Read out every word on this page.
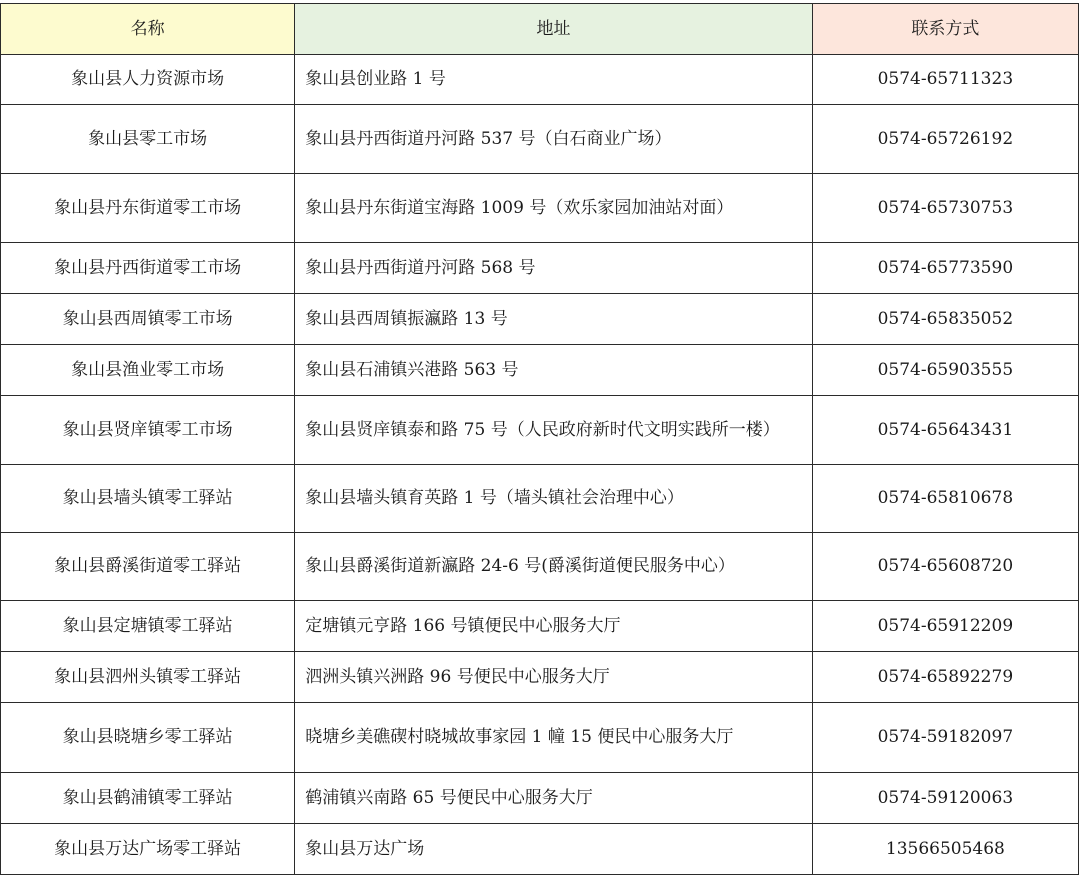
名称	地址	联系方式
象山县人力资源市场	象山县创业路 1 号	0574-65711323
象山县零工市场	象山县丹西街道丹河路 537 号（白石商业广场）	0574-65726192
象山县丹东街道零工市场	象山县丹东街道宝海路 1009 号（欢乐家园加油站对面）	0574-65730753
象山县丹西街道零工市场	象山县丹西街道丹河路 568 号	0574-65773590
象山县西周镇零工市场	象山县西周镇振瀛路 13 号	0574-65835052
象山县渔业零工市场	象山县石浦镇兴港路 563 号	0574-65903555
象山县贤庠镇零工市场	象山县贤庠镇泰和路 75 号（人民政府新时代文明实践所一楼）	0574-65643431
象山县墙头镇零工驿站	象山县墙头镇育英路 1 号（墙头镇社会治理中心）	0574-65810678
象山县爵溪街道零工驿站	象山县爵溪街道新瀛路 24-6 号(爵溪街道便民服务中心）	0574-65608720
象山县定塘镇零工驿站	定塘镇元亨路 166 号镇便民中心服务大厅	0574-65912209
象山县泗州头镇零工驿站	泗洲头镇兴洲路 96 号便民中心服务大厅	0574-65892279
象山县晓塘乡零工驿站	晓塘乡美礁碶村晓城故事家园 1 幢 15 便民中心服务大厅	0574-59182097
象山县鹤浦镇零工驿站	鹤浦镇兴南路 65 号便民中心服务大厅	0574-59120063
象山县万达广场零工驿站	象山县万达广场	13566505468
